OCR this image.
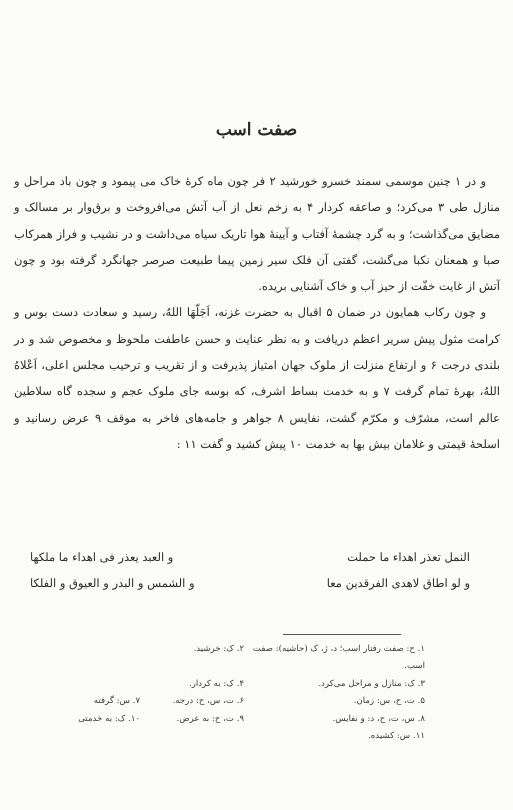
صفت اسب

و در ۱ چنین موسمی سمند خسرو خورشید ۲ فر چون ماه کرهٔ خاک می پیمود و چون باد مراحل و منازل طی ۳ می‌کرد؛ و صاعقه کردار ۴ به زخم نعل از آب آتش می‌افروخت و برق‌وار بر مسالک و مضایق می‌گذاشت؛ و به گرد چشمهٔ آفتاب و آیینهٔ هوا تاریک سیاه می‌داشت و در نشیب و فراز همرکاب صبا و همعنان نکبا می‌گشت، گفتی آن فلک سیر زمین پیما طبیعت صرصر جهانگرد گرفته بود و چون آتش از غایت خفّت از حیز آب و خاک آشنایی بریده.

و چون رکاب همایون در ضمان ۵ اقبال به حضرت غزنه، اَجَلّهَا اللهُ، رسید و سعادت دست بوس و کرامت مثول پیش سریر اعظم دریافت و به نظر عنایت و حسن عاطفت ملحوظ و مخصوص شد و در بلندی درجت ۶ و ارتفاع منزلت از ملوک جهان امتیاز پذیرفت و از تقریب و ترحیب مجلس اعلی، اَعْلاهُ اللهُ، بهرهٔ تمام گرفت ۷ و به خدمت بساط اشرف، که بوسه جای ملوک عجم و سجده گاه سلاطین عالم است، مشرّف و مکرّم گشت، نفایس ۸ جواهر و جامه‌های فاخر به موقف ۹ عرض رسانید و اسلحهٔ قیمتی و غلامان بیش بها به خدمت ۱۰ پیش کشید و گفت ۱۱ :

النمل تعذر اهداء ما حملت
و العبد یعذر فی اهداء ما ملکها
و لو اطاق لاهدی الفرقدین معا
و الشمس و البدر و العیوق و الفلکا
۱. ح: صفت رفتار اسب؛ د، ژ، ک (حاشیه): صفت اسب.
۲. ک: خرشید.
۳. ک: منازل و مراحل می‌کرد.
۴. ک: به کردار.
۵. ت، ح، س: زمان.
۶. ت، س، ح: درجه.
۷. س: گرفته
۸. س، ت، ح، د: و نفایس.
۹. ت، ح: به عرض.
۱۰. ک: به خدمتی
۱۱. س: کشیده.
